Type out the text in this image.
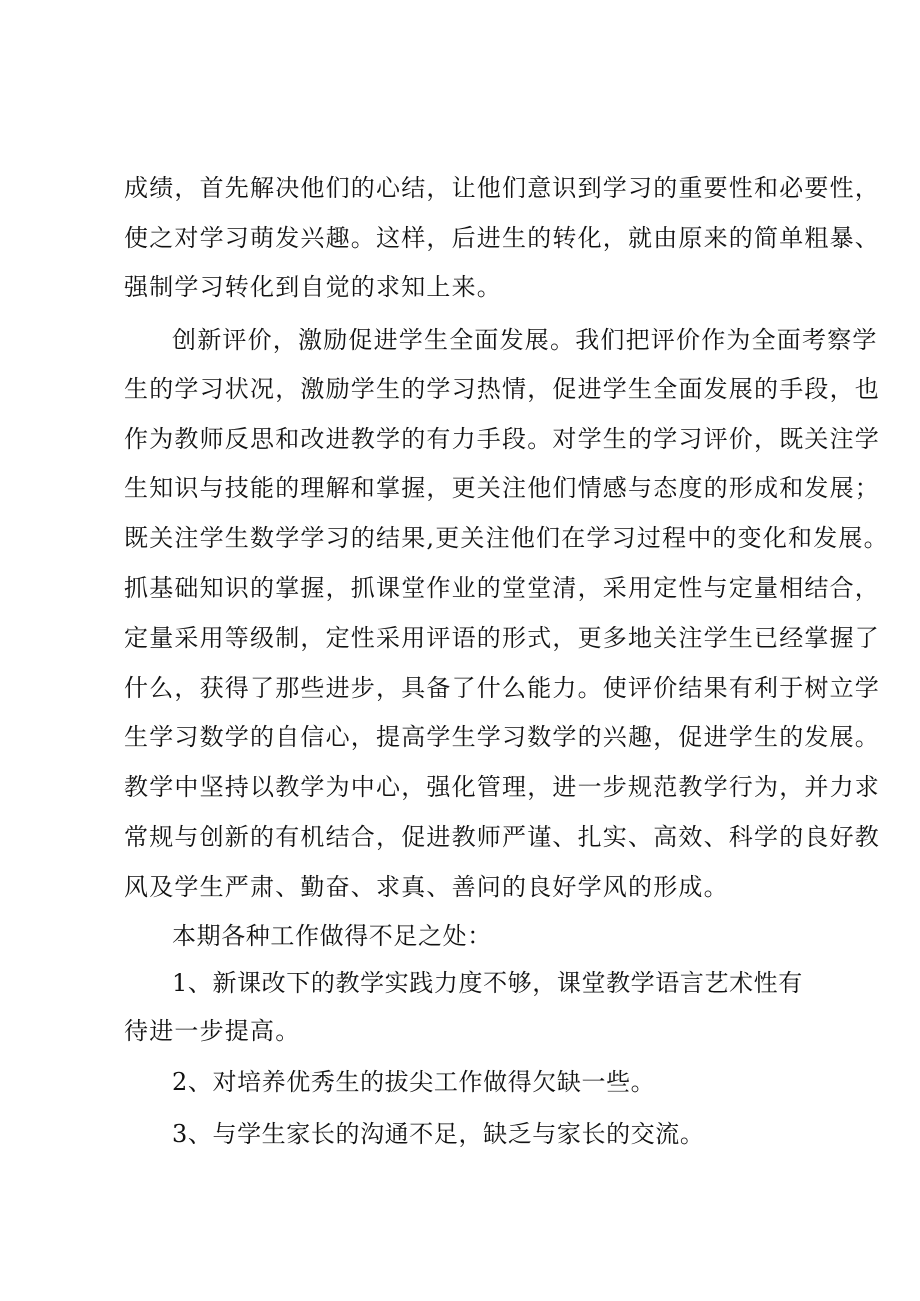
成绩，首先解决他们的心结，让他们意识到学习的重要性和必要性，
使之对学习萌发兴趣。这样，后进生的转化，就由原来的简单粗暴、
强制学习转化到自觉的求知上来。
创新评价，激励促进学生全面发展。我们把评价作为全面考察学
生的学习状况，激励学生的学习热情，促进学生全面发展的手段，也
作为教师反思和改进教学的有力手段。对学生的学习评价，既关注学
生知识与技能的理解和掌握，更关注他们情感与态度的形成和发展；
既关注学生数学学习的结果,更关注他们在学习过程中的变化和发展。
抓基础知识的掌握，抓课堂作业的堂堂清，采用定性与定量相结合，
定量采用等级制，定性采用评语的形式，更多地关注学生已经掌握了
什么，获得了那些进步，具备了什么能力。使评价结果有利于树立学
生学习数学的自信心，提高学生学习数学的兴趣，促进学生的发展。
教学中坚持以教学为中心，强化管理，进一步规范教学行为，并力求
常规与创新的有机结合，促进教师严谨、扎实、高效、科学的良好教
风及学生严肃、勤奋、求真、善问的良好学风的形成。
本期各种工作做得不足之处：
1、新课改下的教学实践力度不够，课堂教学语言艺术性有
待进一步提高。
2、对培养优秀生的拔尖工作做得欠缺一些。
3、与学生家长的沟通不足，缺乏与家长的交流。
